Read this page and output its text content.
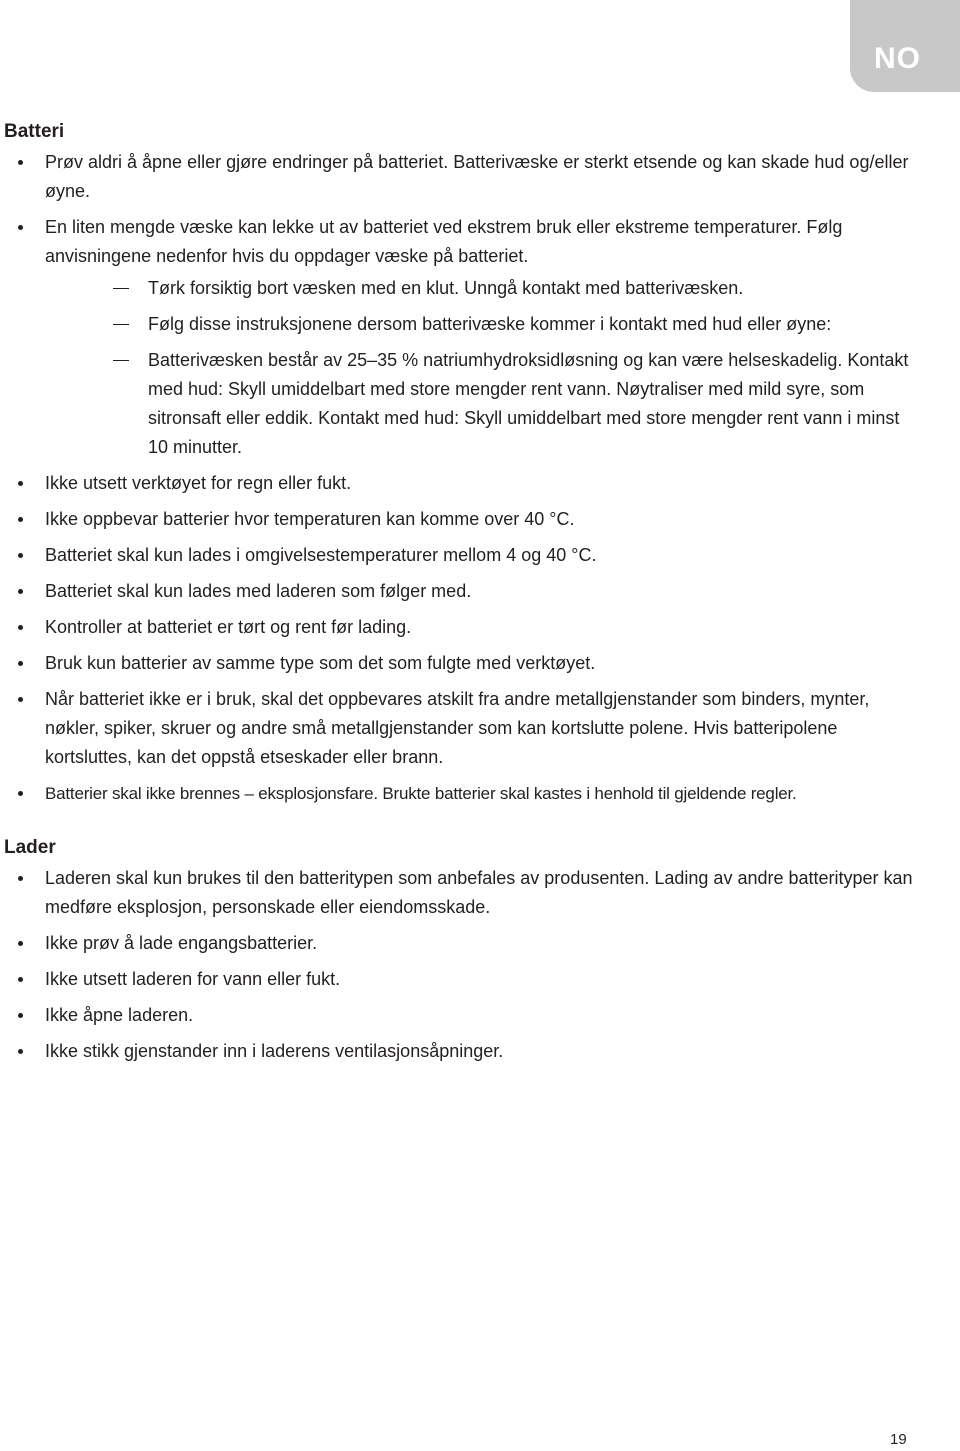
NO
Batteri
Prøv aldri å åpne eller gjøre endringer på batteriet. Batterivæske er sterkt etsende og kan skade hud og/eller øyne.
En liten mengde væske kan lekke ut av batteriet ved ekstrem bruk eller ekstreme temperaturer. Følg anvisningene nedenfor hvis du oppdager væske på batteriet.
Tørk forsiktig bort væsken med en klut. Unngå kontakt med batterivæsken.
Følg disse instruksjonene dersom batterivæske kommer i kontakt med hud eller øyne:
Batterivæsken består av 25–35 % natriumhydroksidløsning og kan være helseskadelig. Kontakt med hud: Skyll umiddelbart med store mengder rent vann. Nøytraliser med mild syre, som sitronsaft eller eddik. Kontakt med hud: Skyll umiddelbart med store mengder rent vann i minst 10 minutter.
Ikke utsett verktøyet for regn eller fukt.
Ikke oppbevar batterier hvor temperaturen kan komme over 40 °C.
Batteriet skal kun lades i omgivelsestemperaturer mellom 4 og 40 °C.
Batteriet skal kun lades med laderen som følger med.
Kontroller at batteriet er tørt og rent før lading.
Bruk kun batterier av samme type som det som fulgte med verktøyet.
Når batteriet ikke er i bruk, skal det oppbevares atskilt fra andre metallgjenstander som binders, mynter, nøkler, spiker, skruer og andre små metallgjenstander som kan kortslutte polene. Hvis batteripolene kortsluttes, kan det oppstå etseskader eller brann.
Batterier skal ikke brennes – eksplosjonsfare. Brukte batterier skal kastes i henhold til gjeldende regler.
Lader
Laderen skal kun brukes til den batteritypen som anbefales av produsenten. Lading av andre batterityper kan medføre eksplosjon, personskade eller eiendomsskade.
Ikke prøv å lade engangsbatterier.
Ikke utsett laderen for vann eller fukt.
Ikke åpne laderen.
Ikke stikk gjenstander inn i laderens ventilasjonsåpninger.
19
